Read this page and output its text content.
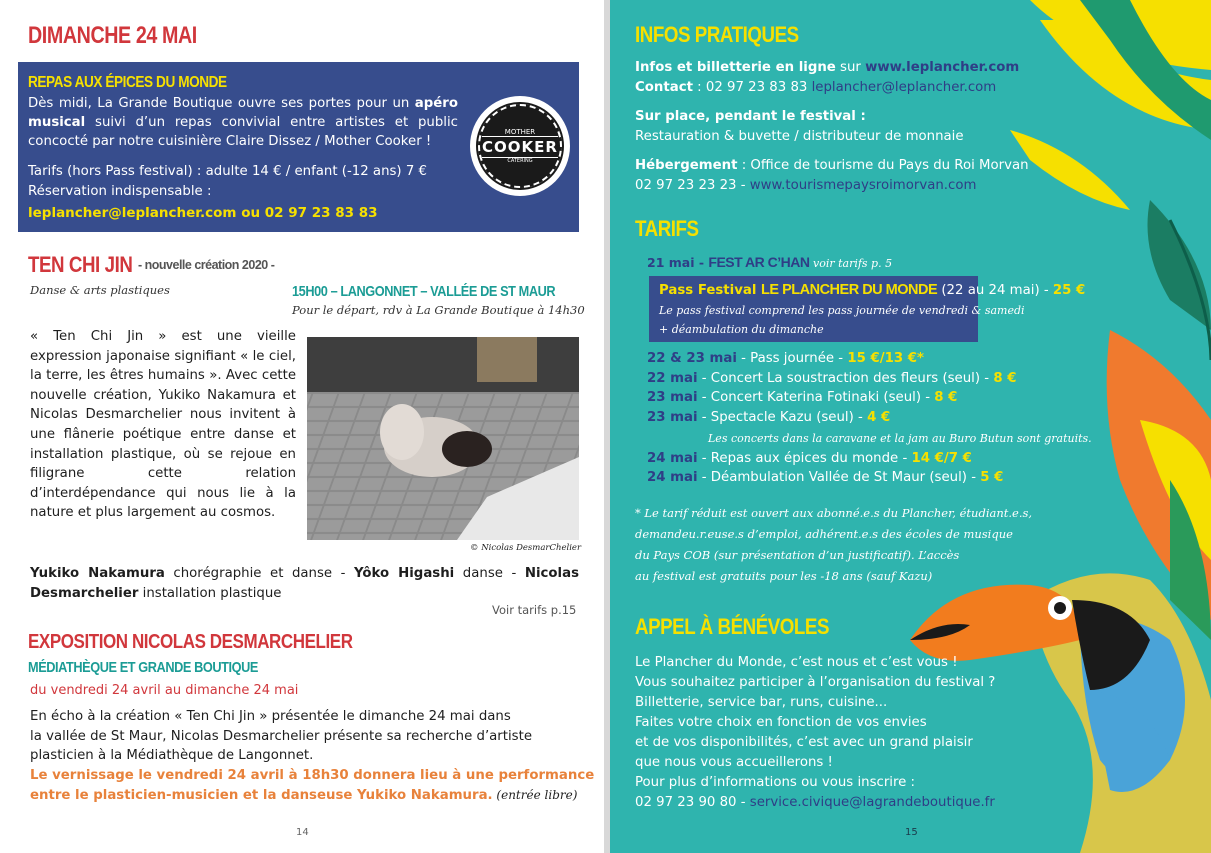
DIMANCHE 24 MAI
REPAS AUX ÉPICES DU MONDE
Dès midi, La Grande Boutique ouvre ses portes pour un apéro musical suivi d’un repas convivial entre artistes et public concocté par notre cuisinière Claire Dissez / Mother Cooker !
Tarifs (hors Pass festival) : adulte 14 € / enfant (-12 ans) 7 €
Réservation indispensable :
leplancher@leplancher.com ou 02 97 23 83 83
MOTHER
COOKER
CATERING
TEN CHI JIN - nouvelle création 2020 -
Danse & arts plastiques	15H00 – LANGONNET – VALLÉE DE ST MAUR
Pour le départ, rdv à La Grande Boutique à 14h30
« Ten Chi Jin » est une vieille expression japonaise signifiant « le ciel, la terre, les êtres humains ». Avec cette nouvelle création, Yukiko Nakamura et Nicolas Desmarchelier nous invitent à une flânerie poétique entre danse et installation plastique, où se rejoue en filigrane cette relation d’interdépendance qui nous lie à la nature et plus largement au cosmos.
© Nicolas DesmarChelier
Yukiko Nakamura chorégraphie et danse - Yôko Higashi danse - Nicolas Desmarchelier installation plastique
Voir tarifs p.15
EXPOSITION NICOLAS DESMARCHELIER
MÉDIATHÈQUE ET GRANDE BOUTIQUE
du vendredi 24 avril au dimanche 24 mai
En écho à la création « Ten Chi Jin » présentée le dimanche 24 mai dans
la vallée de St Maur, Nicolas Desmarchelier présente sa recherche d’artiste
plasticien à la Médiathèque de Langonnet.
Le vernissage le vendredi 24 avril à 18h30 donnera lieu à une performance
entre le plasticien-musicien et la danseuse Yukiko Nakamura. (entrée libre)
14
INFOS PRATIQUES
Infos et billetterie en ligne sur www.leplancher.com
Contact : 02 97 23 83 83 leplancher@leplancher.com
Sur place, pendant le festival :
Restauration & buvette / distributeur de monnaie
Hébergement : Office de tourisme du Pays du Roi Morvan
02 97 23 23 23 - www.tourismepaysroimorvan.com
TARIFS
21 mai - FEST AR C’HAN voir tarifs p. 5
Pass Festival LE PLANCHER DU MONDE (22 au 24 mai) - 25 €
Le pass festival comprend les pass journée de vendredi & samedi
+ déambulation du dimanche
22 & 23 mai - Pass journée - 15 €/13 €*
22 mai - Concert La soustraction des fleurs (seul) - 8 €
23 mai - Concert Katerina Fotinaki (seul) - 8 €
23 mai - Spectacle Kazu (seul) - 4 €
Les concerts dans la caravane et la jam au Buro Butun sont gratuits.
24 mai - Repas aux épices du monde - 14 €/7 €
24 mai - Déambulation Vallée de St Maur (seul) - 5 €
* Le tarif réduit est ouvert aux abonné.e.s du Plancher, étudiant.e.s,
demandeu.r.euse.s d’emploi, adhérent.e.s des écoles de musique
du Pays COB (sur présentation d’un justificatif). L’accès
au festival est gratuits pour les -18 ans (sauf Kazu)
APPEL À BÉNÉVOLES
Le Plancher du Monde, c’est nous et c’est vous !
Vous souhaitez participer à l’organisation du festival ?
Billetterie, service bar, runs, cuisine...
Faites votre choix en fonction de vos envies
et de vos disponibilités, c’est avec un grand plaisir
que nous vous accueillerons !
Pour plus d’informations ou vous inscrire :
02 97 23 90 80 - service.civique@lagrandeboutique.fr
15
